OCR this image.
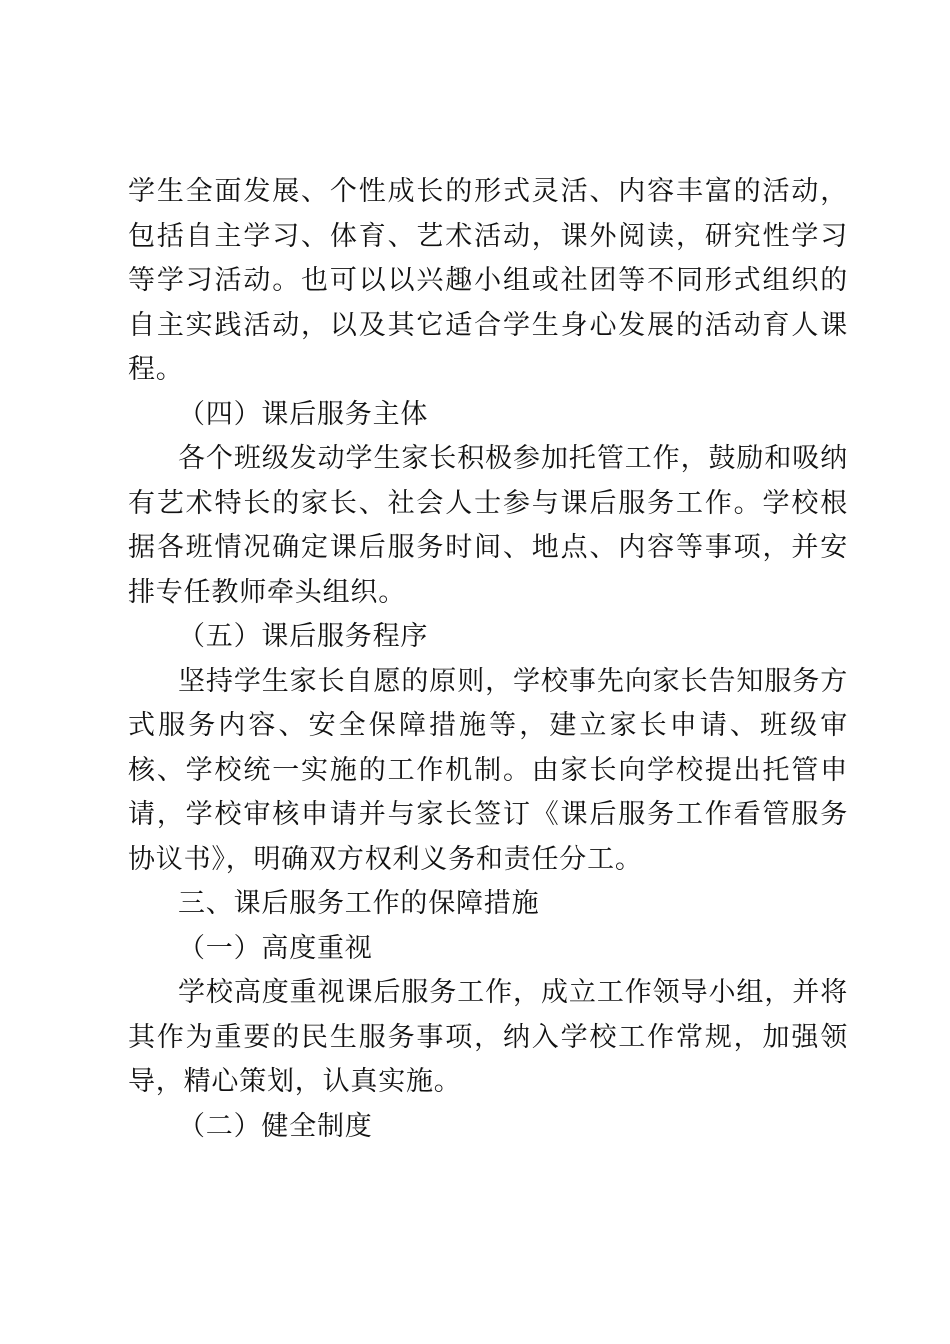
学生全面发展、个性成长的形式灵活、内容丰富的活动，包括自主学习、体育、艺术活动，课外阅读，研究性学习等学习活动。也可以以兴趣小组或社团等不同形式组织的自主实践活动，以及其它适合学生身心发展的活动育人课程。

（四）课后服务主体

各个班级发动学生家长积极参加托管工作，鼓励和吸纳有艺术特长的家长、社会人士参与课后服务工作。学校根据各班情况确定课后服务时间、地点、内容等事项，并安排专任教师牵头组织。

（五）课后服务程序

坚持学生家长自愿的原则，学校事先向家长告知服务方式服务内容、安全保障措施等，建立家长申请、班级审核、学校统一实施的工作机制。由家长向学校提出托管申请，学校审核申请并与家长签订《课后服务工作看管服务协议书》，明确双方权利义务和责任分工。

三、课后服务工作的保障措施

（一）高度重视

学校高度重视课后服务工作，成立工作领导小组，并将其作为重要的民生服务事项，纳入学校工作常规，加强领导，精心策划，认真实施。

（二）健全制度
